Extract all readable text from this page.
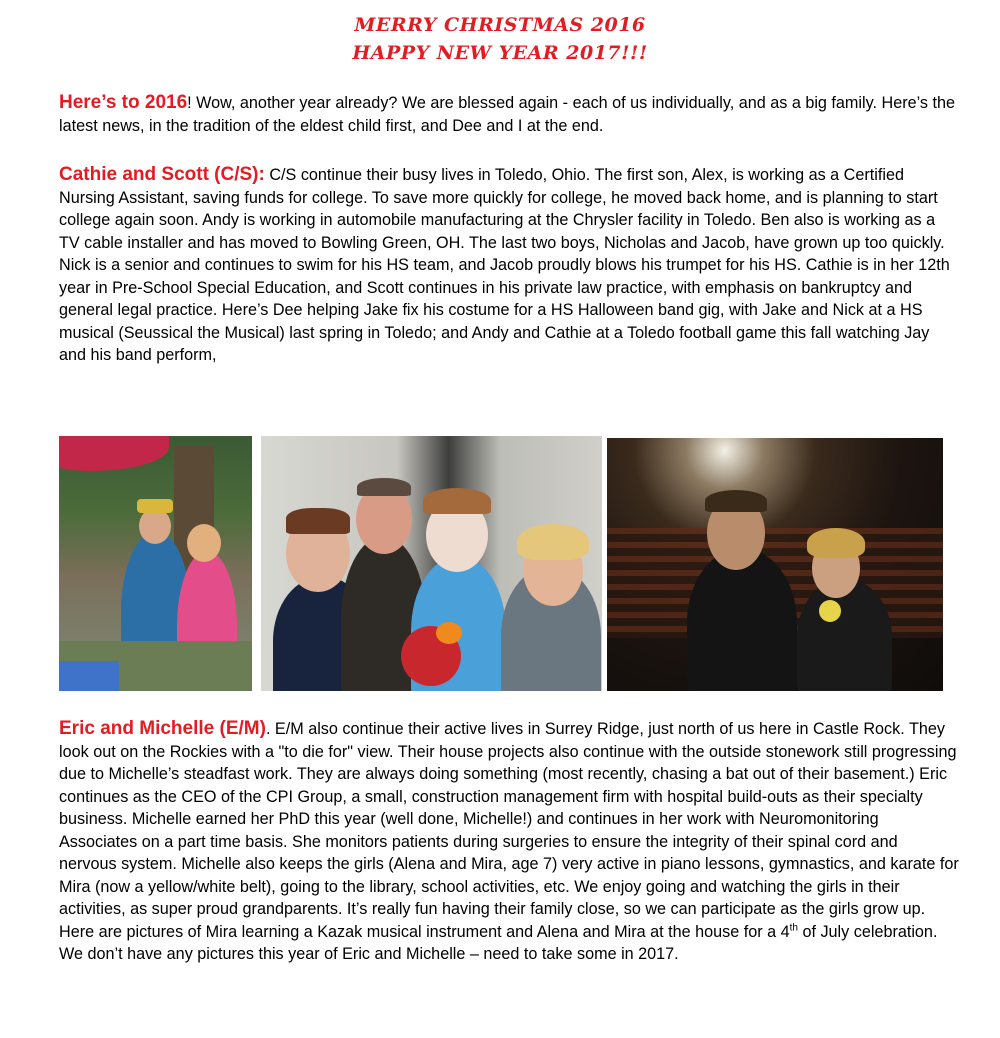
MERRY CHRISTMAS 2016
HAPPY NEW YEAR 2017!!!

Here’s to 2016! Wow, another year already? We are blessed again - each of us individually, and as a big family. Here’s the latest news, in the tradition of the eldest child first, and Dee and I at the end.

Cathie and Scott (C/S): C/S continue their busy lives in Toledo, Ohio. The first son, Alex, is working as a Certified Nursing Assistant, saving funds for college. To save more quickly for college, he moved back home, and is planning to start college again soon. Andy is working in automobile manufacturing at the Chrysler facility in Toledo. Ben also is working as a TV cable installer and has moved to Bowling Green, OH. The last two boys, Nicholas and Jacob, have grown up too quickly. Nick is a senior and continues to swim for his HS team, and Jacob proudly blows his trumpet for his HS. Cathie is in her 12th year in Pre-School Special Education, and Scott continues in his private law practice, with emphasis on bankruptcy and general legal practice. Here’s Dee helping Jake fix his costume for a HS Halloween band gig, with Jake and Nick at a HS musical (Seussical the Musical) last spring in Toledo; and Andy and Cathie at a Toledo football game this fall watching Jay and his band perform,

Eric and Michelle (E/M). E/M also continue their active lives in Surrey Ridge, just north of us here in Castle Rock. They look out on the Rockies with a "to die for" view. Their house projects also continue with the outside stonework still progressing due to Michelle’s steadfast work. They are always doing something (most recently, chasing a bat out of their basement.) Eric continues as the CEO of the CPI Group, a small, construction management firm with hospital build-outs as their specialty business. Michelle earned her PhD this year (well done, Michelle!) and continues in her work with Neuromonitoring Associates on a part time basis. She monitors patients during surgeries to ensure the integrity of their spinal cord and nervous system. Michelle also keeps the girls (Alena and Mira, age 7) very active in piano lessons, gymnastics, and karate for Mira (now a yellow/white belt), going to the library, school activities, etc. We enjoy going and watching the girls in their activities, as super proud grandparents. It’s really fun having their family close, so we can participate as the girls grow up. Here are pictures of Mira learning a Kazak musical instrument and Alena and Mira at the house for a 4th of July celebration. We don’t have any pictures this year of Eric and Michelle – need to take some in 2017.
